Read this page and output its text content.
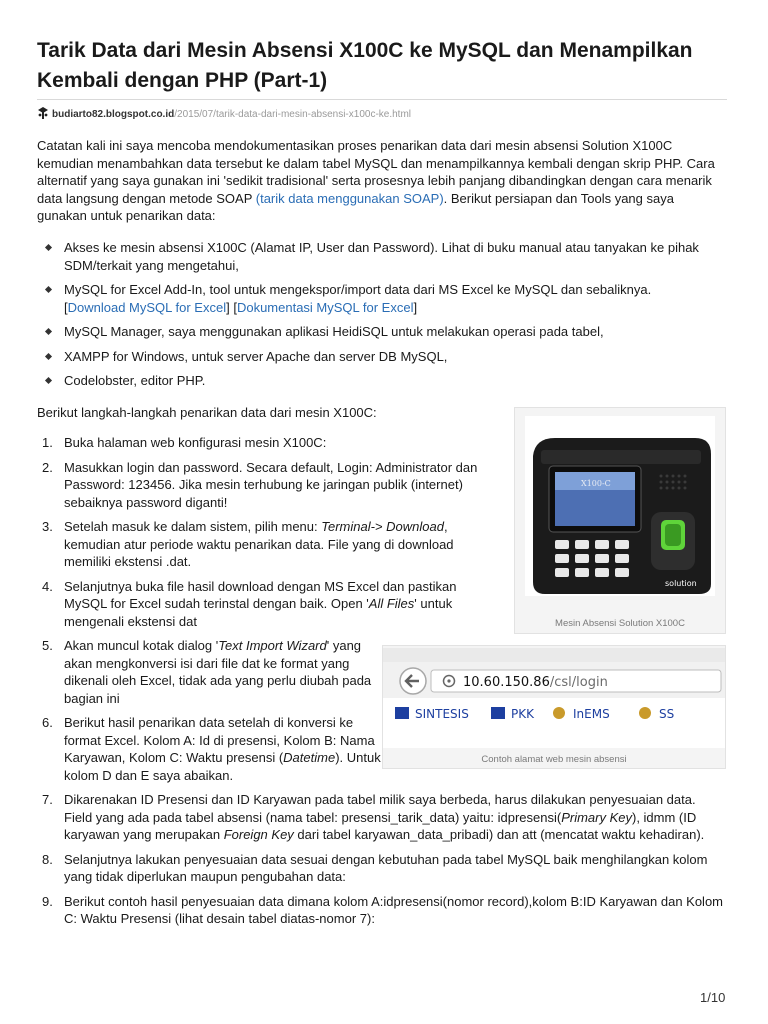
Tarik Data dari Mesin Absensi X100C ke MySQL dan Menampilkan Kembali dengan PHP (Part-1)
budiarto82.blogspot.co.id/2015/07/tarik-data-dari-mesin-absensi-x100c-ke.html

Catatan kali ini saya mencoba mendokumentasikan proses penarikan data dari mesin absensi Solution X100C kemudian menambahkan data tersebut ke dalam tabel MySQL dan menampilkannya kembali dengan skrip PHP. Cara alternatif yang saya gunakan ini 'sedikit tradisional' serta prosesnya lebih panjang dibandingkan dengan cara menarik data langsung dengan metode SOAP (tarik data menggunakan SOAP). Berikut persiapan dan Tools yang saya gunakan untuk penarikan data:

Akses ke mesin absensi X100C (Alamat IP, User dan Password). Lihat di buku manual atau tanyakan ke pihak SDM/terkait yang mengetahui,
MySQL for Excel Add-In, tool untuk mengekspor/import data dari MS Excel ke MySQL dan sebaliknya.
[Download MySQL for Excel] [Dokumentasi MySQL for Excel]
MySQL Manager, saya menggunakan aplikasi HeidiSQL untuk melakukan operasi pada tabel,
XAMPP for Windows, untuk server Apache dan server DB MySQL,
Codelobster, editor PHP.

Berikut langkah-langkah penarikan data dari mesin X100C:

1. Buka halaman web konfigurasi mesin X100C:
2. Masukkan login dan password. Secara default, Login: Administrator dan Password: 123456. Jika mesin terhubung ke jaringan publik (internet) sebaiknya password diganti!
3. Setelah masuk ke dalam sistem, pilih menu: Terminal-> Download, kemudian atur periode waktu penarikan data. File yang di download memiliki ekstensi .dat.
4. Selanjutnya buka file hasil download dengan MS Excel dan pastikan MySQL for Excel sudah terinstal dengan baik. Open 'All Files' untuk mengenali ekstensi dat
5. Akan muncul kotak dialog 'Text Import Wizard' yang akan mengkonversi isi dari file dat ke format yang dikenali oleh Excel, tidak ada yang perlu diubah pada bagian ini
6. Berikut hasil penarikan data setelah di konversi ke format Excel. Kolom A: Id di presensi, Kolom B: Nama Karyawan, Kolom C: Waktu presensi (Datetime). Untuk kolom D dan E saya abaikan.
7. Dikarenakan ID Presensi dan ID Karyawan pada tabel milik saya berbeda, harus dilakukan penyesuaian data. Field yang ada pada tabel absensi (nama tabel: presensi_tarik_data) yaitu: idpresensi(Primary Key), idmm (ID karyawan yang merupakan Foreign Key dari tabel karyawan_data_pribadi) dan att (mencatat waktu kehadiran).
8. Selanjutnya lakukan penyesuaian data sesuai dengan kebutuhan pada tabel MySQL baik menghilangkan kolom yang tidak diperlukan maupun pengubahan data:
9. Berikut contoh hasil penyesuaian data dimana kolom A:idpresensi(nomor record),kolom B:ID Karyawan dan Kolom C: Waktu Presensi (lihat desain tabel diatas-nomor 7):
X100-C
solution
Mesin Absensi Solution X100C
10.60.150.86/csl/login
SINTESIS	PKK	InEMS	SS
Contoh alamat web mesin absensi
1/10
